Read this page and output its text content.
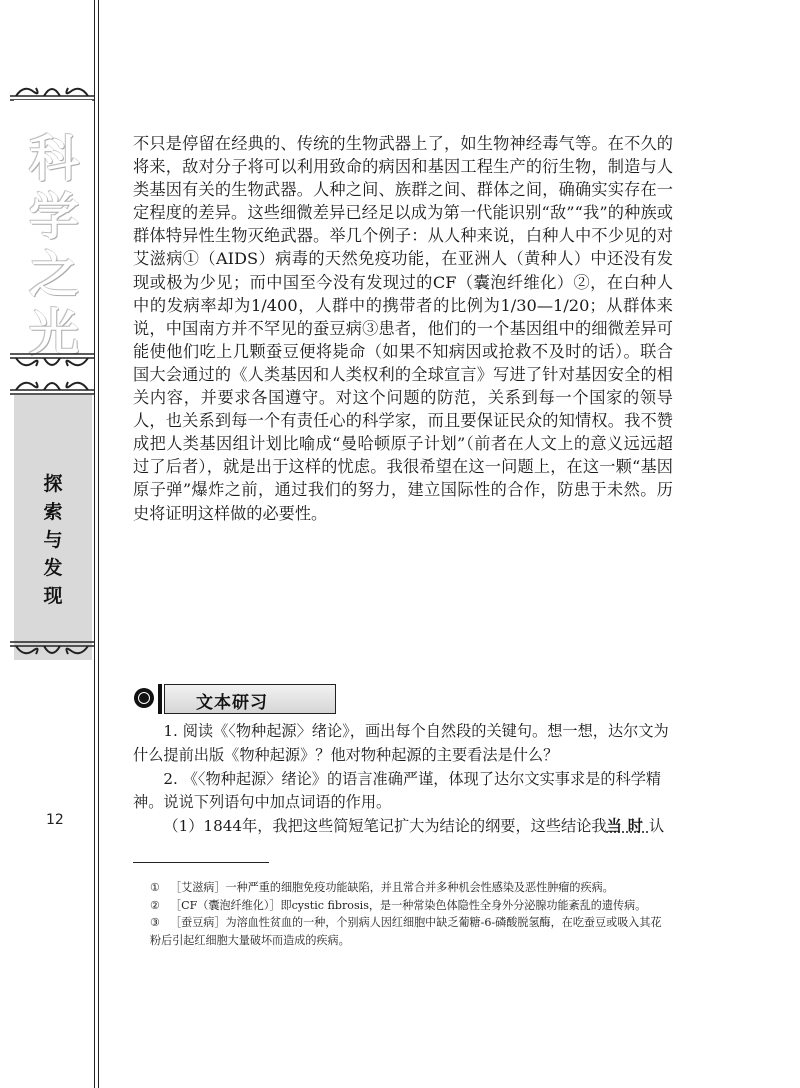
科学之光
探索与发现
12

不只是停留在经典的、传统的生物武器上了，如生物神经毒气等。在不久的将来，敌对分子将可以利用致命的病因和基因工程生产的衍生物，制造与人类基因有关的生物武器。人种之间、族群之间、群体之间，确确实实存在一定程度的差异。这些细微差异已经足以成为第一代能识别“敌”“我”的种族或群体特异性生物灭绝武器。举几个例子：从人种来说，白种人中不少见的对艾滋病①（AIDS）病毒的天然免疫功能，在亚洲人（黄种人）中还没有发现或极为少见；而中国至今没有发现过的CF（囊泡纤维化）②，在白种人中的发病率却为1/400，人群中的携带者的比例为1/30—1/20；从群体来说，中国南方并不罕见的蚕豆病③患者，他们的一个基因组中的细微差异可能使他们吃上几颗蚕豆便将毙命（如果不知病因或抢救不及时的话）。联合国大会通过的《人类基因和人类权利的全球宣言》写进了针对基因安全的相关内容，并要求各国遵守。对这个问题的防范，关系到每一个国家的领导人，也关系到每一个有责任心的科学家，而且要保证民众的知情权。我不赞成把人类基因组计划比喻成“曼哈顿原子计划”（前者在人文上的意义远远超过了后者），就是出于这样的忧虑。我很希望在这一问题上，在这一颗“基因原子弹”爆炸之前，通过我们的努力，建立国际性的合作，防患于未然。历史将证明这样做的必要性。

文本研习

1. 阅读《〈物种起源〉绪论》，画出每个自然段的关键句。想一想，达尔文为什么提前出版《物种起源》？他对物种起源的主要看法是什么？

2. 《〈物种起源〉绪论》的语言准确严谨，体现了达尔文实事求是的科学精神。说说下列语句中加点词语的作用。

（1）1844年，我把这些简短笔记扩大为结论的纲要，这些结论我当时认

① ［艾滋病］一种严重的细胞免疫功能缺陷，并且常合并多种机会性感染及恶性肿瘤的疾病。

② ［CF（囊泡纤维化）］即cystic fibrosis，是一种常染色体隐性全身外分泌腺功能紊乱的遗传病。

③ ［蚕豆病］为溶血性贫血的一种，个别病人因红细胞中缺乏葡糖-6-磷酸脱氢酶，在吃蚕豆或吸入其花粉后引起红细胞大量破坏而造成的疾病。
